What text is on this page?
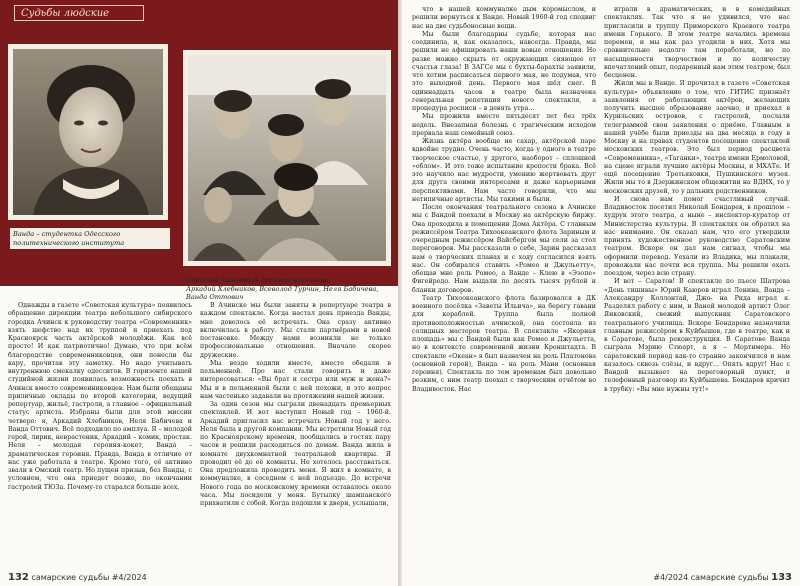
Судьбы людские
Ванда – студентка Одесского политехнического института
Одесский «ансамбль десяти» в Ачинске:
Аркадий Хлебников, Всеволод Турчин, Неля Бабичева, Ванда Оттович

Однажды в газете «Советская культура» появилось обращение дирекции театра небольшого сибирского городка Ачинск к руководству театра «Современник» взять шефство над их труппой и приехать под Красноярск часть актёрской молодёжи. Как всё просто! И как патриотично! Думаю, что при всём благородстве современниковцев, они понесли бы кару, прочитав эту заметку. Но надо учитывать внутреннюю смекалку одесситов. В горизонте нашей студийной жизни появилась возможность поехать в Ачинск вместо современниковцев. Нам были обещаны приличные оклады по второй категории, ведущий репертуар, жильё, гастроли, а главное – официальный статус артиста. Избраны были для этой миссии четверо: я, Аркадий Хлебников, Неля Бабичева и Ванда Оттович. Всё подходило по амплуа. Я – молодой герой, лирик, неврастеник, Аркадий – комик, простак. Неля – молодая героиня-кокет, Ванда – драматическая героиня. Правда, Ванда в отличие от нас уже работала в театре. Кроме того, её активно звали в Омский театр. Но пущен призыв, без Ванды, с условием, что она приедет позже, по окончании гастролей ТЮЗа. Почему-то старался больше всех.

В Ачинске мы были заняты в репертуаре театра в каждом спектакле. Когда настал день приезда Ванды, мне довелось её встречать. Она сразу активно включилась в работу. Мы стали партнёрами в новой постановке. Между нами возникли не только профессиональные отношения. Вначале скорее дружеские.

Мы везде ходили вместе, вместе обедали в пельменной. Про нас стали говорить и даже интересоваться: «Вы брат и сестра или муж и жена?» Мы и в пельменной были с ней похожи, и это вопрос нам частенько задавали на протяжении нашей жизни.

За один сезон мы сыграли двенадцать премьерных спектаклей. И вот наступил Новый год – 1960-й. Аркадий пригласил нас встречать Новый год у него. Неля была в другой компании. Мы встретили Новый год по Красноярскому времени, пообщались в гостях пару часов и решили расходиться по домам. Ванда жила в комнате двухкомнатной театральной квартиры. Я проводил её до её комнаты. Не хотелось расставаться. Она предложила проводить меня. Я жил в комнате, в коммуналке, в соседнем с ней подъезде. До встречи Нового года по московскому времени оставалось около часа. Мы посидели у меня. Бутылку шампанского прихватили с собой. Когда подошли к двери, услышали,

132 самарские судьбы #4/2024

что в нашей коммуналке дым коромыслом, и решили вернуться к Ванде. Новый 1960-й год сподвиг нас на две судьбоносные вещи.

Мы были благодарны судьбе, которая нас соединила, и, как оказалось, навсегда. Правда, мы решили не афишировать наши новые отношения. Но разве можно скрыть от окружающих сияющее от счастья глаза! В ЗАГСе мы с бухты-барахты заявили, что хотим расписаться первого мая, не подумав, что это выходной день. Первого мая шёл снег. В одиннадцать часов в театре была назначена генеральная репетиция нового спектакля, а процедура росписи – в девять утра...

Мы прожили вместе пятьдесят лет без трёх недель. Внезапная болезнь с трагическим исходом прервала наш семейный союз.

Жизнь актёра вообще не сахар, актёрской паре вдвойне трудно. Очень часто, когда у одного в театре творческое счастье, у другого, наоборот – сплошной «облом». И это тоже испытание крепости брака. Всё это научило нас мудрости, умению жертвовать друг для друга своими интересами и даже карьерными перспективами. Нам часто говорили, что мы нетипичные артисты. Мы такими и были.

После окончания театрального сезона в Ачинске мы с Вандой поехали в Москву на актёрскую биржу. Она проходила в помещении Дома Актёра. С главным режиссёром Театра Тихоокеанского флота Зариным и очередным режиссёром Вайсбергом мы сели за стол переговоров. Мы рассказали о себе, Зарин рассказал нам о творческих планах и с ходу согласился взять нас. Он собирался ставить «Ромео и Джульетту», обещав мне роль Ромео, а Ванде – Клею в «Эзопе» Фигейредо. Нам выдали по десять тысяч рублей и бланки договоров.

Театр Тихоокеанского флота базировался в ДК военного посёлка «Заветы Ильича», на берегу гавани для кораблей. Труппа была полной противоположностью ачинской, она состояла из солидных мастеров театра. В спектакле «Якорная площадь» мы с Вандой были как Ромео и Джульетта, но в контексте современной жизни Кронштадта. В спектакле «Океан» я был назначен на роль Платонова (основной герой), Ванда – на роль Мани (основная героиня). Спектакль по тем временам был довольно резким, с ним театр поехал с творческим отчётом во Владивосток. Нас

играли в драматических, и в комедийных спектаклях. Так что я не удивился, что нас пригласили в труппу Приморского Краевого театра имени Горького. В этом театре начались времена перемен, и мы как раз угодили в них. Хотя мы сравнительно недолго там поработали, но по насыщенности творчеством и по количеству впечатлений опыт, подаренный нам этим театром, был бесценен.

Жили мы в Ванде. Я прочитал в газете «Советская культура» объявление о том, что ГИТИС признаёт заявления от работающих актёров, желающих получить высшее образование заочно, и приехал в Курильских островов, с гастролей, послали телеграммой свои заявления о приёме. Главным в нашей учёбе были приезды на два месяца в году в Москву и на правах студентов посещение спектаклей московских театров. Это был период расцвета «Современника», «Таганки», театра имени Ермоловой, на сцене играли лучшие актёры Москвы, и МХАТе. И ещё посещение Третьяковки, Пушкинского музея. Жили мы то в Дзержинском общежитии на ВДНХ, то у московских друзей, то у дальних родственников.

И снова нам помог счастливый случай. Владивосток посетил Николай Бондарев, в прошлом – худрук этого театра, а ныне – инспектор-куратор от Министерства культуры. В спектаклях он обратил на нас внимание. Он сказал нам, что его утвердили принять художественное руководство Саратовским театром. Вскоре он дал нам сигнал, чтобы мы оформили перевод. Уехали из Владика, мы плакали, провожали нас почти вся труппа. Мы решили ехать поездом, через всю страну.

И вот – Саратов! В спектакле по пьесе Шатрова «День тишины» Юрий Каюров играл Ленина, Ванда – Александру Коллонтай, Джо- на Рида играл я. Разделял работу с ним, и Ваней молодой артист Олег Янковский, свежий выпускник Саратовского театрального училища. Вскоре Бондарева назначили главным режиссёром в Куйбышев, где в театре, как и в Саратове, была реконструкция. В Саратове Ванда сыграла Мэрию Стюарт, а я – Мортимера. Но саратовский период как-то странно закончился и нам казалось сквозь слёзы, и вдруг... Опять вдруг! Нас с Вандой вызывает на переговорный пункт, и телефонный разговор из Куйбышева. Бондарев кричит в трубку: «Вы мне нужны тут!»

#4/2024 самарские судьбы 133
